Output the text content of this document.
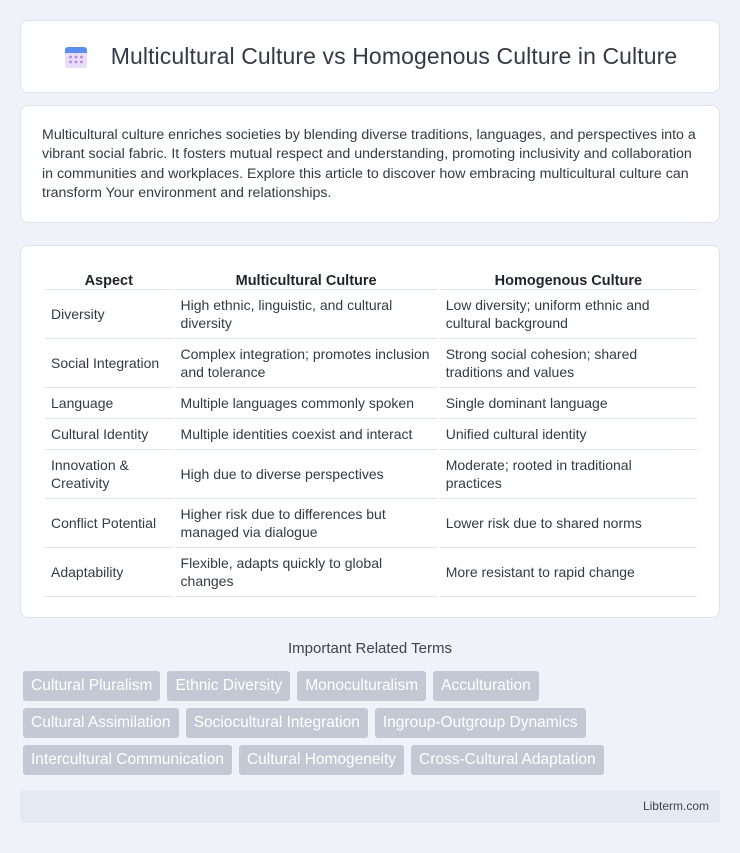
Multicultural Culture vs Homogenous Culture in Culture

Multicultural culture enriches societies by blending diverse traditions, languages, and perspectives into a vibrant social fabric. It fosters mutual respect and understanding, promoting inclusivity and collaboration in communities and workplaces. Explore this article to discover how embracing multicultural culture can transform Your environment and relationships.

Aspect	Multicultural Culture	Homogenous Culture
Diversity	High ethnic, linguistic, and cultural diversity	Low diversity; uniform ethnic and cultural background
Social Integration	Complex integration; promotes inclusion and tolerance	Strong social cohesion; shared traditions and values
Language	Multiple languages commonly spoken	Single dominant language
Cultural Identity	Multiple identities coexist and interact	Unified cultural identity
Innovation & Creativity	High due to diverse perspectives	Moderate; rooted in traditional practices
Conflict Potential	Higher risk due to differences but managed via dialogue	Lower risk due to shared norms
Adaptability	Flexible, adapts quickly to global changes	More resistant to rapid change
Important Related Terms
Cultural Pluralism	Ethnic Diversity	Monoculturalism	Acculturation
Cultural Assimilation	Sociocultural Integration	Ingroup-Outgroup Dynamics
Intercultural Communication	Cultural Homogeneity	Cross-Cultural Adaptation
Libterm.com
